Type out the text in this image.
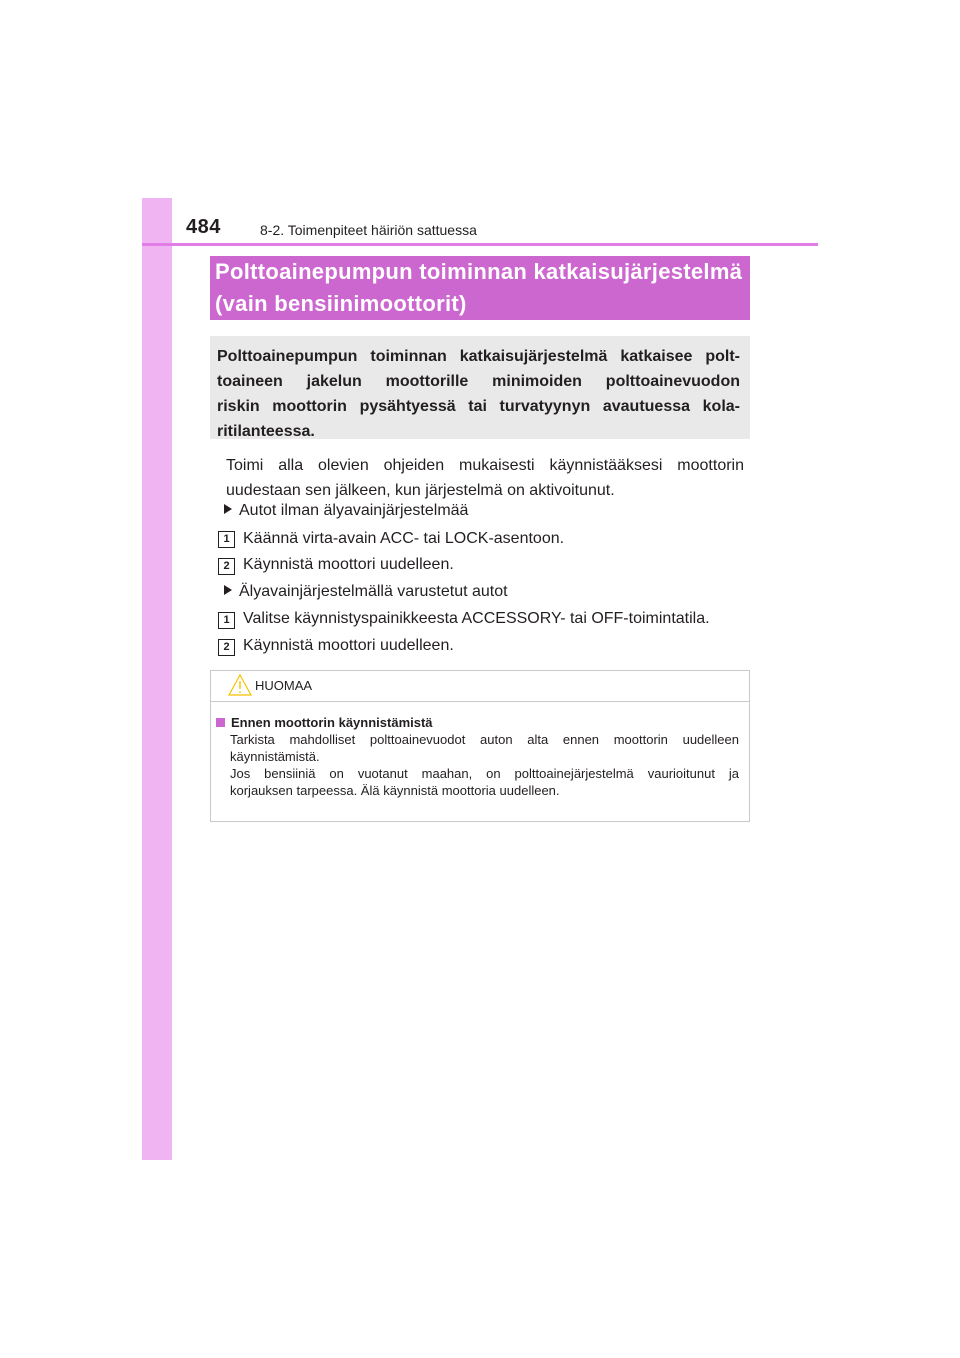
484	8-2. Toimenpiteet häiriön sattuessa
Polttoainepumpun toiminnan katkaisujärjestelmä
(vain bensiinimoottorit)
Polttoainepumpun toiminnan katkaisujärjestelmä katkaisee polt-
toaineen jakelun moottorille minimoiden polttoainevuodon
riskin moottorin pysähtyessä tai turvatyynyn avautuessa kola-
ritilanteessa.
Toimi alla olevien ohjeiden mukaisesti käynnistääksesi moottorin
uudestaan sen jälkeen, kun järjestelmä on aktivoitunut.
Autot ilman älyavainjärjestelmää
1 Käännä virta-avain ACC- tai LOCK-asentoon.
2 Käynnistä moottori uudelleen.
Älyavainjärjestelmällä varustetut autot
1 Valitse käynnistyspainikkeesta ACCESSORY- tai OFF-toimintatila.
2 Käynnistä moottori uudelleen.
HUOMAA
Ennen moottorin käynnistämistä
Tarkista mahdolliset polttoainevuodot auton alta ennen moottorin uudelleen
käynnistämistä.
Jos bensiiniä on vuotanut maahan, on polttoainejärjestelmä vaurioitunut ja
korjauksen tarpeessa. Älä käynnistä moottoria uudelleen.
